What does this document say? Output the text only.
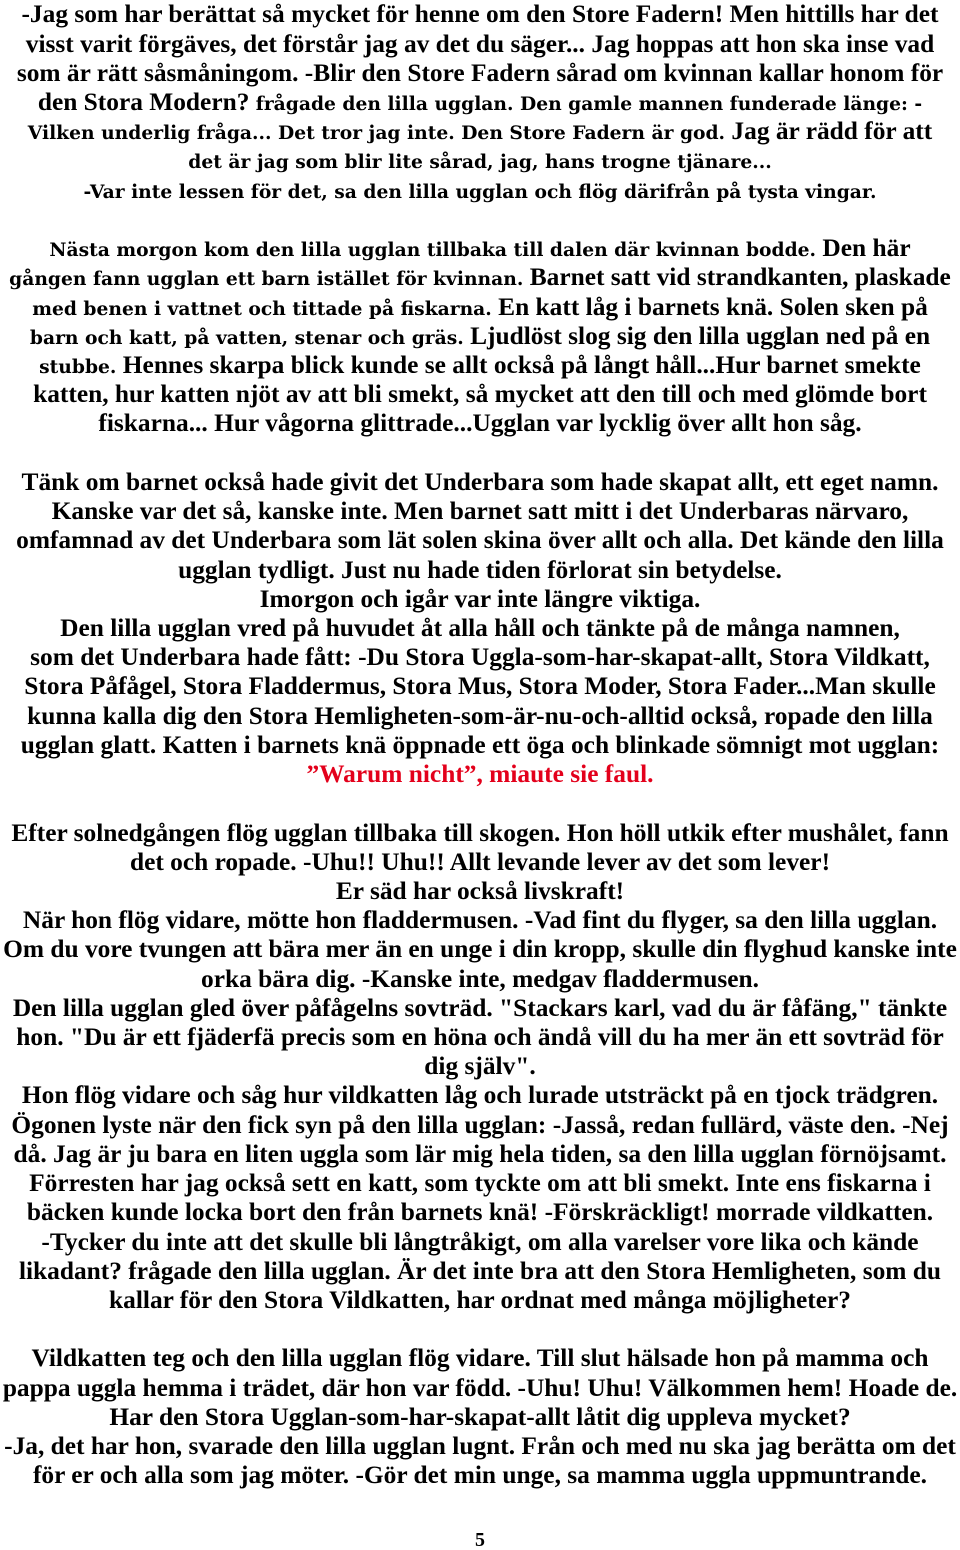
-Jag som har berättat så mycket för henne om den Store Fadern! Men hittills har det
visst varit förgäves, det förstår jag av det du säger... Jag hoppas att hon ska inse vad
som är rätt såsmåningom. -Blir den Store Fadern sårad om kvinnan kallar honom för
den Stora Modern? frågade den lilla ugglan. Den gamle mannen funderade länge: -
Vilken underlig fråga... Det tror jag inte. Den Store Fadern är god. Jag är rädd för att
det är jag som blir lite sårad, jag, hans trogne tjänare...
-Var inte lessen för det, sa den lilla ugglan och flög därifrån på tysta vingar.
Nästa morgon kom den lilla ugglan tillbaka till dalen där kvinnan bodde. Den här
gången fann ugglan ett barn istället för kvinnan. Barnet satt vid strandkanten, plaskade
med benen i vattnet och tittade på fiskarna. En katt låg i barnets knä. Solen sken på
barn och katt, på vatten, stenar och gräs. Ljudlöst slog sig den lilla ugglan ned på en
stubbe. Hennes skarpa blick kunde se allt också på långt håll...Hur barnet smekte
katten, hur katten njöt av att bli smekt, så mycket att den till och med glömde bort
fiskarna... Hur vågorna glittrade...Ugglan var lycklig över allt hon såg.
Tänk om barnet också hade givit det Underbara som hade skapat allt, ett eget namn.
Kanske var det så, kanske inte. Men barnet satt mitt i det Underbaras närvaro,
omfamnad av det Underbara som lät solen skina över allt och alla. Det kände den lilla
ugglan tydligt. Just nu hade tiden förlorat sin betydelse.
Imorgon och igår var inte längre viktiga.
Den lilla ugglan vred på huvudet åt alla håll och tänkte på de många namnen,
som det Underbara hade fått: -Du Stora Uggla-som-har-skapat-allt, Stora Vildkatt,
Stora Påfågel, Stora Fladdermus, Stora Mus, Stora Moder, Stora Fader...Man skulle
kunna kalla dig den Stora Hemligheten-som-är-nu-och-alltid också, ropade den lilla
ugglan glatt. Katten i barnets knä öppnade ett öga och blinkade sömnigt mot ugglan:
”Warum nicht”, miaute sie faul.
Efter solnedgången flög ugglan tillbaka till skogen. Hon höll utkik efter mushålet, fann
det och ropade. -Uhu!! Uhu!! Allt levande lever av det som lever!
Er säd har också livskraft!
När hon flög vidare, mötte hon fladdermusen. -Vad fint du flyger, sa den lilla ugglan.
Om du vore tvungen att bära mer än en unge i din kropp, skulle din flyghud kanske inte
orka bära dig. -Kanske inte, medgav fladdermusen.
Den lilla ugglan gled över påfågelns sovträd. "Stackars karl, vad du är fåfäng," tänkte
hon. "Du är ett fjäderfä precis som en höna och ändå vill du ha mer än ett sovträd för
dig själv".
Hon flög vidare och såg hur vildkatten låg och lurade utsträckt på en tjock trädgren.
Ögonen lyste när den fick syn på den lilla ugglan: -Jasså, redan fullärd, väste den. -Nej
då. Jag är ju bara en liten uggla som lär mig hela tiden, sa den lilla ugglan förnöjsamt.
Förresten har jag också sett en katt, som tyckte om att bli smekt. Inte ens fiskarna i
bäcken kunde locka bort den från barnets knä! -Förskräckligt! morrade vildkatten.
-Tycker du inte att det skulle bli långtråkigt, om alla varelser vore lika och kände
likadant? frågade den lilla ugglan. Är det inte bra att den Stora Hemligheten, som du
kallar för den Stora Vildkatten, har ordnat med många möjligheter?
Vildkatten teg och den lilla ugglan flög vidare. Till slut hälsade hon på mamma och
pappa uggla hemma i trädet, där hon var född. -Uhu! Uhu! Välkommen hem! Hoade de.
Har den Stora Ugglan-som-har-skapat-allt låtit dig uppleva mycket?
-Ja, det har hon, svarade den lilla ugglan lugnt. Från och med nu ska jag berätta om det
för er och alla som jag möter. -Gör det min unge, sa mamma uggla uppmuntrande.
5
